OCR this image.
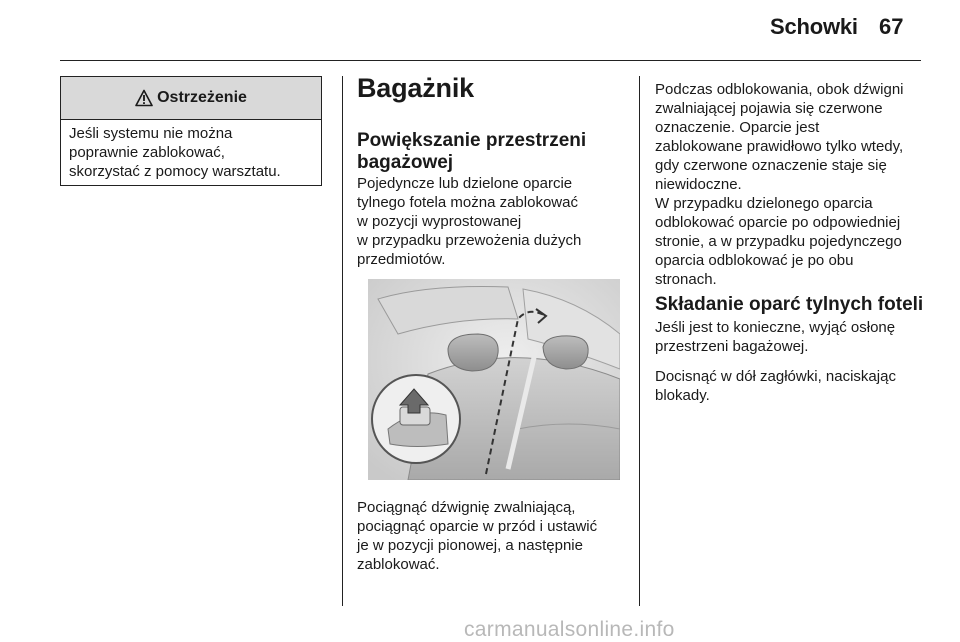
Schowki 67
Ostrzeżenie
Jeśli systemu nie można
poprawnie zablokować,
skorzystać z pomocy warsztatu.
Bagażnik
Powiększanie przestrzeni
bagażowej
Pojedyncze lub dzielone oparcie
tylnego fotela można zablokować
w pozycji wyprostowanej
w przypadku przewożenia dużych
przedmiotów.
Pociągnąć dźwignię zwalniającą,
pociągnąć oparcie w przód i ustawić
je w pozycji pionowej, a następnie
zablokować.
Podczas odblokowania, obok dźwigni
zwalniającej pojawia się czerwone
oznaczenie. Oparcie jest
zablokowane prawidłowo tylko wtedy,
gdy czerwone oznaczenie staje się
niewidoczne.
W przypadku dzielonego oparcia
odblokować oparcie po odpowiedniej
stronie, a w przypadku pojedynczego
oparcia odblokować je po obu
stronach.
Składanie oparć tylnych foteli
Jeśli jest to konieczne, wyjąć osłonę
przestrzeni bagażowej.
Docisnąć w dół zagłówki, naciskając
blokady.
carmanualsonline.info
